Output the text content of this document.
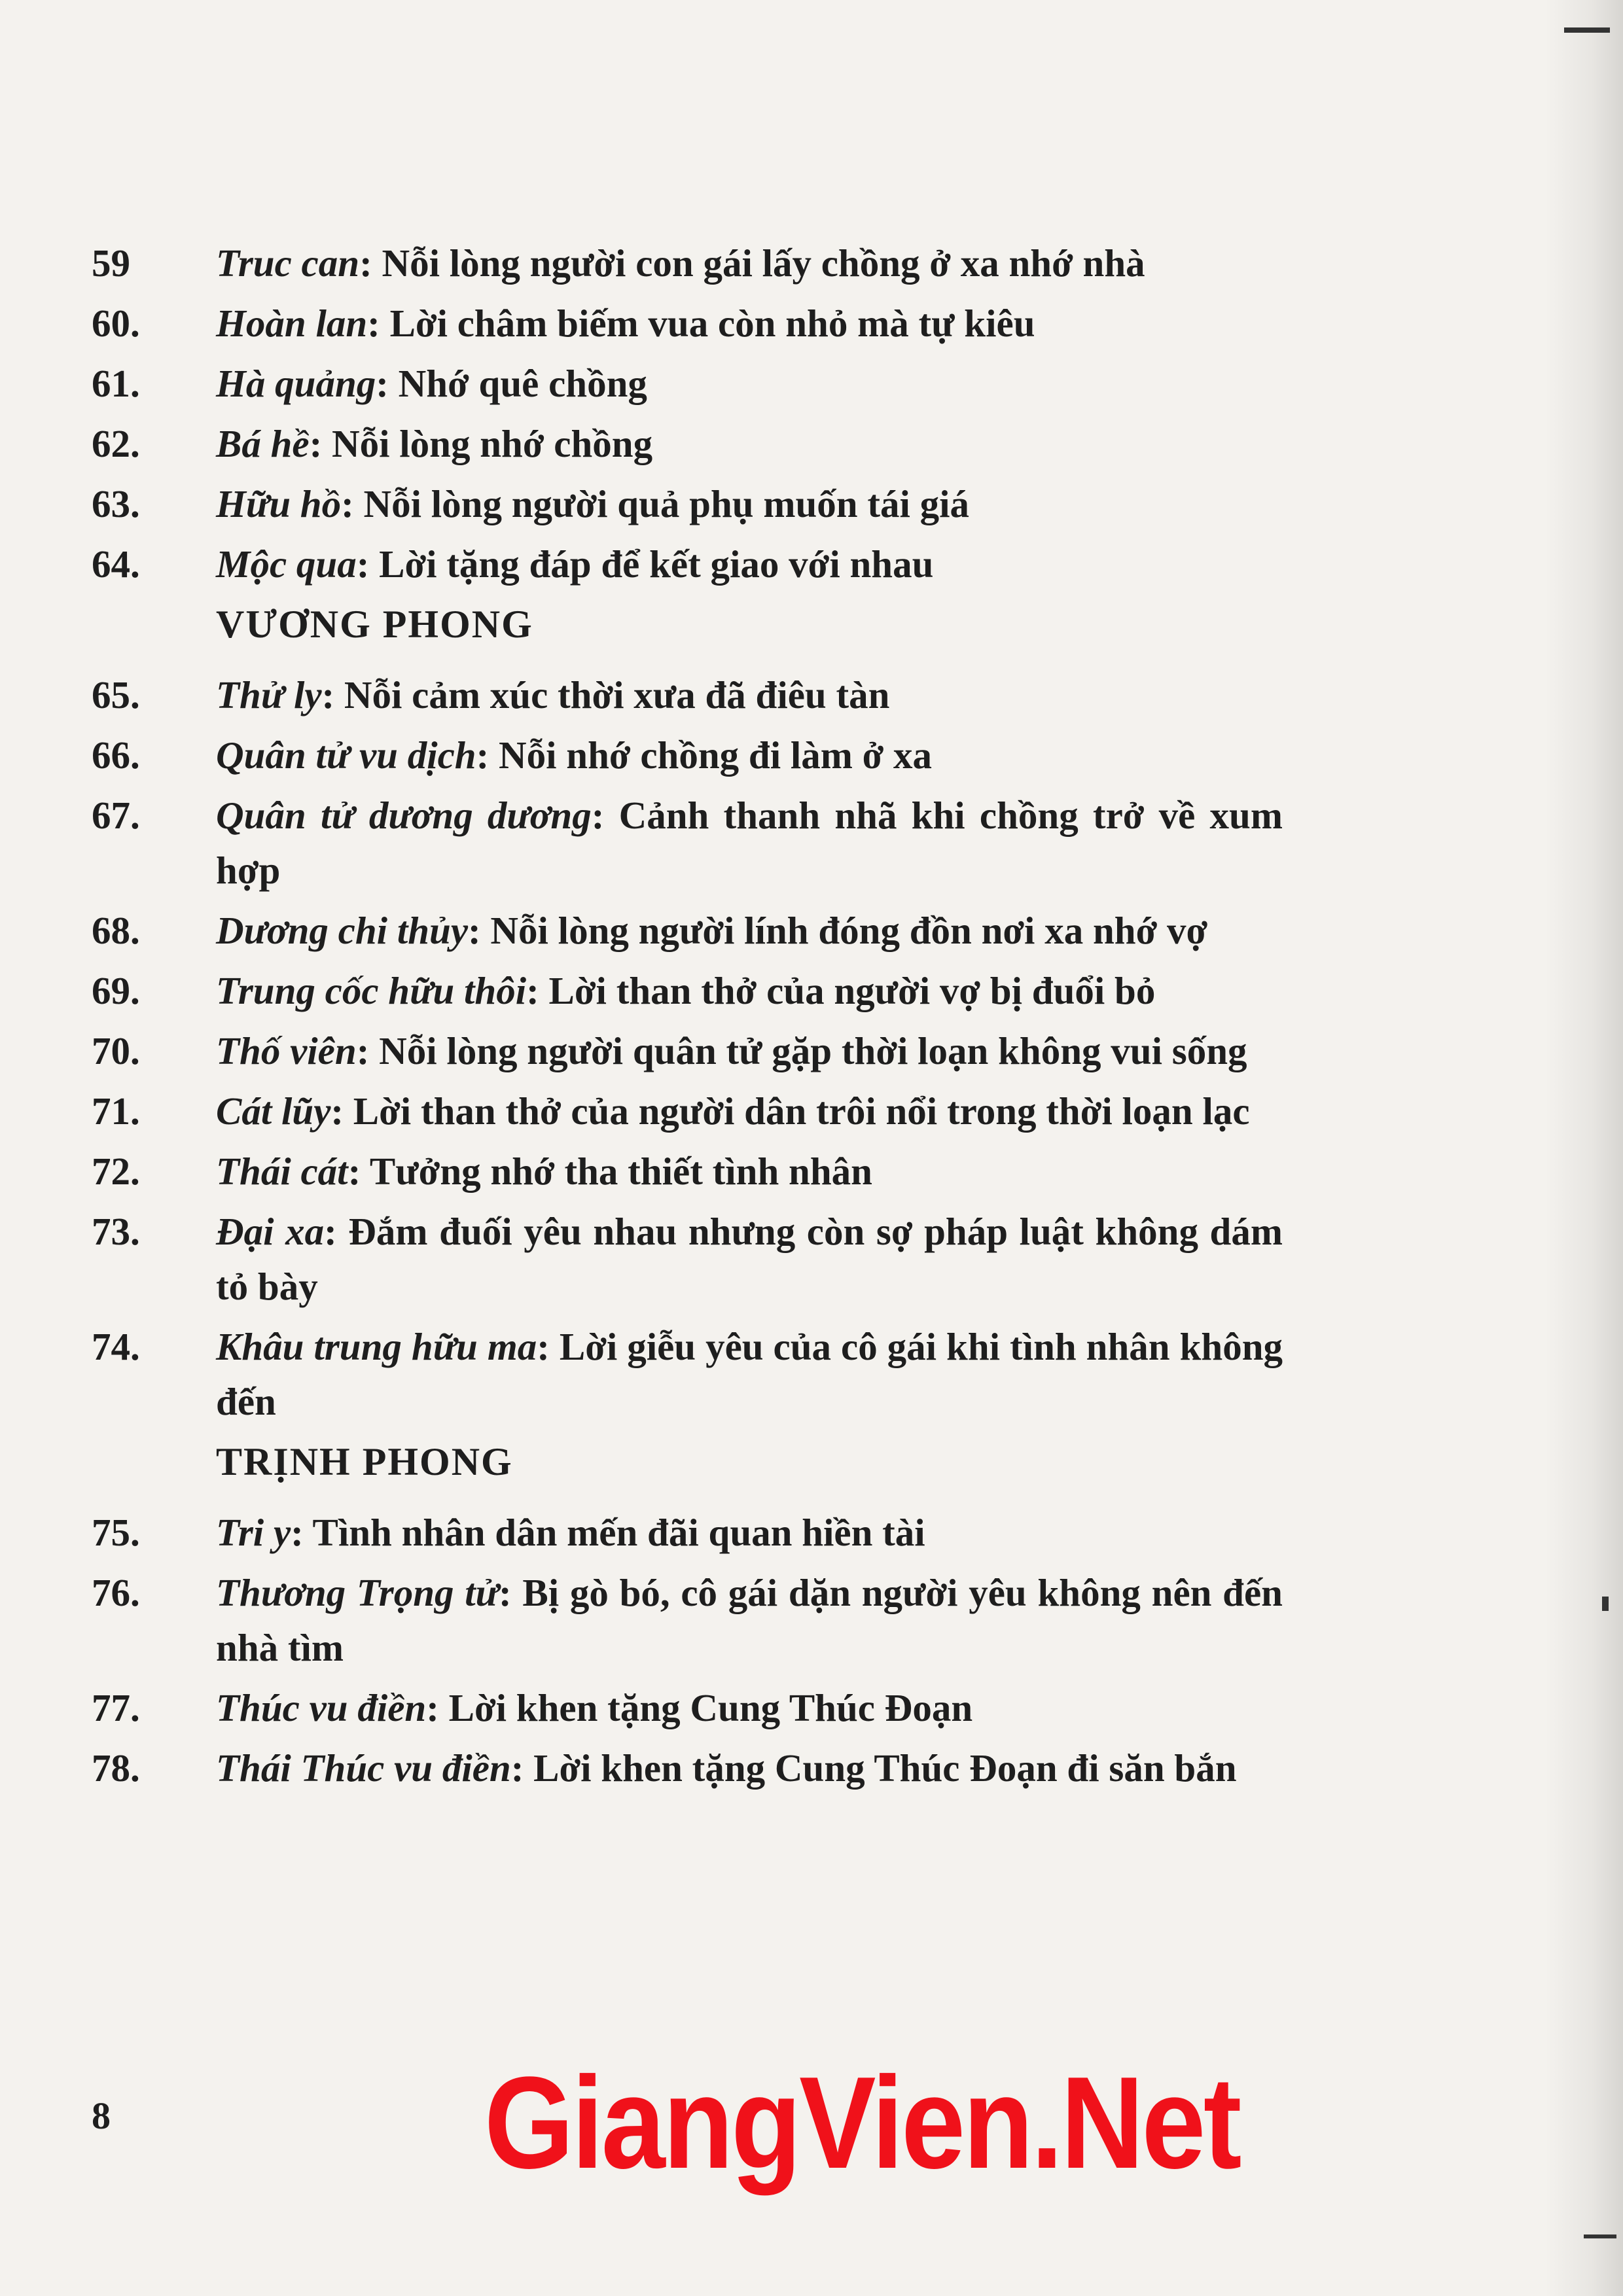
59	Truc can: Nỗi lòng người con gái lấy chồng ở xa nhớ nhà
60.	Hoàn lan: Lời châm biếm vua còn nhỏ mà tự kiêu
61.	Hà quảng: Nhớ quê chồng
62.	Bá hề: Nỗi lòng nhớ chồng
63.	Hữu hồ: Nỗi lòng người quả phụ muốn tái giá
64.	Mộc qua: Lời tặng đáp để kết giao với nhau
VƯƠNG PHONG
65.	Thử ly: Nỗi cảm xúc thời xưa đã điêu tàn
66.	Quân tử vu dịch: Nỗi nhớ chồng đi làm ở xa
67.	Quân tử dương dương: Cảnh thanh nhã khi chồng trở về xum hợp
68.	Dương chi thủy: Nỗi lòng người lính đóng đồn nơi xa nhớ vợ
69.	Trung cốc hữu thôi: Lời than thở của người vợ bị đuổi bỏ
70.	Thố viên: Nỗi lòng người quân tử gặp thời loạn không vui sống
71.	Cát lũy: Lời than thở của người dân trôi nổi trong thời loạn lạc
72.	Thái cát: Tưởng nhớ tha thiết tình nhân
73.	Đại xa: Đắm đuối yêu nhau nhưng còn sợ pháp luật không dám tỏ bày
74.	Khâu trung hữu ma: Lời giễu yêu của cô gái khi tình nhân không đến
TRỊNH PHONG
75.	Tri y: Tình nhân dân mến đãi quan hiền tài
76.	Thương Trọng tử: Bị gò bó, cô gái dặn người yêu không nên đến nhà tìm
77.	Thúc vu điền: Lời khen tặng Cung Thúc Đoạn
78.	Thái Thúc vu điền: Lời khen tặng Cung Thúc Đoạn đi săn bắn
8	GiangVien.Net
